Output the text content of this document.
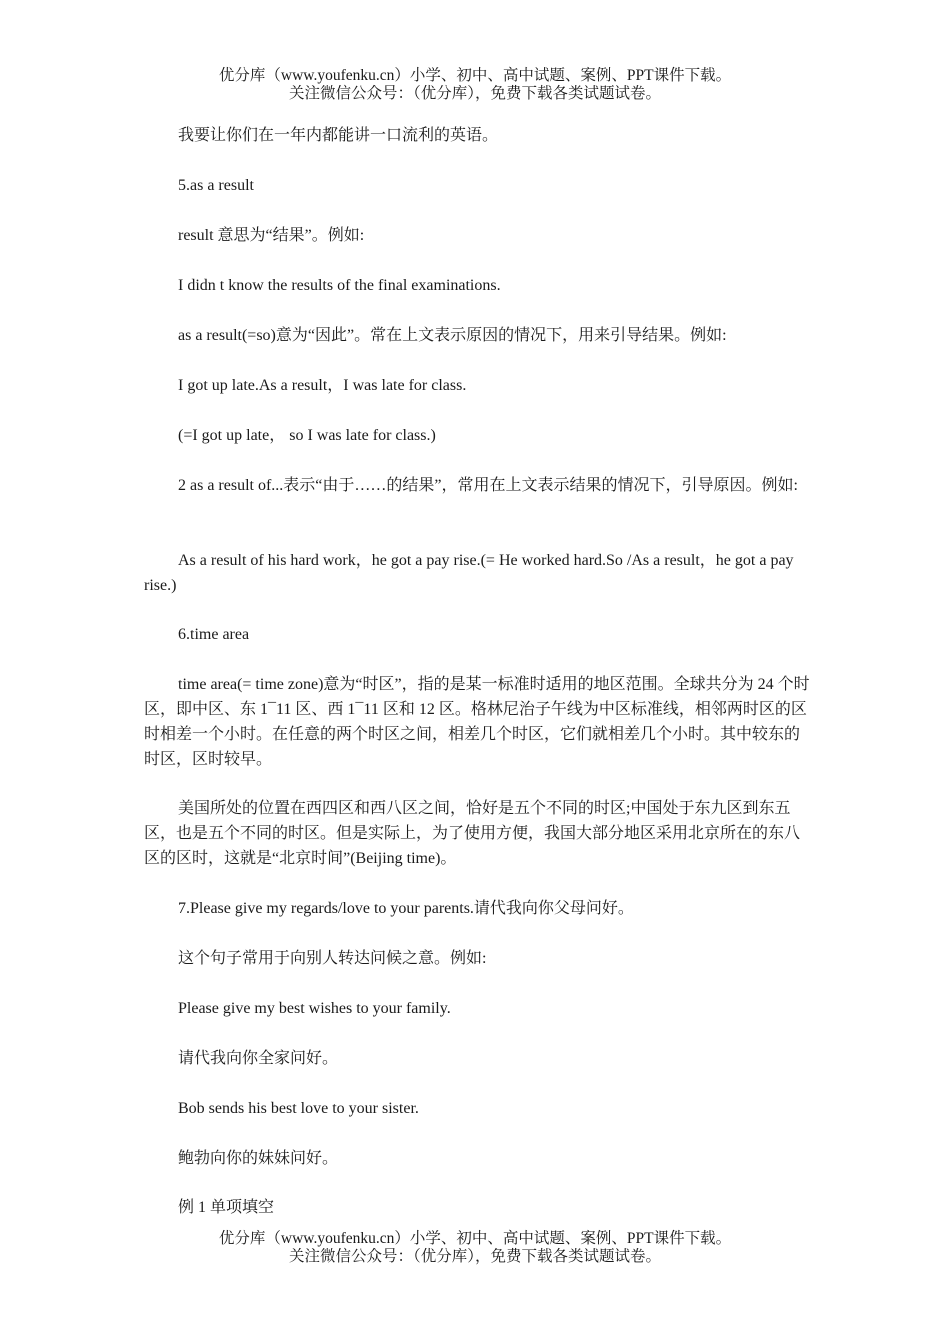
优分库（www.youfenku.cn）小学、初中、高中试题、案例、PPT课件下载。
关注微信公众号：（优分库），免费下载各类试题试卷。
我要让你们在一年内都能讲一口流利的英语。
5.as a result
result 意思为“结果”。例如:
I didn t know the results of the final examinations.
as a result(=so)意为“因此”。常在上文表示原因的情况下，用来引导结果。例如:
I got up late.As a result，I was late for class.
(=I got up late， so I was late for class.)
2 as a result of...表示“由于……的结果”，常用在上文表示结果的情况下，引导原因。例如:
As a result of his hard work，he got a pay rise.(= He worked hard.So /As a result，he got a pay rise.)
6.time area
time area(= time zone)意为“时区”，指的是某一标准时适用的地区范围。全球共分为 24 个时区，即中区、东 1¯11 区、西 1¯11 区和 12 区。格林尼治子午线为中区标准线，相邻两时区的区时相差一个小时。在任意的两个时区之间，相差几个时区，它们就相差几个小时。其中较东的时区，区时较早。
美国所处的位置在西四区和西八区之间，恰好是五个不同的时区;中国处于东九区到东五区，也是五个不同的时区。但是实际上，为了使用方便，我国大部分地区采用北京所在的东八区的区时，这就是“北京时间”(Beijing time)。
7.Please give my regards/love to your parents.请代我向你父母问好。
这个句子常用于向别人转达问候之意。例如:
Please give my best wishes to your family.
请代我向你全家问好。
Bob sends his best love to your sister.
鲍勃向你的妹妹问好。
例 1 单项填空
优分库（www.youfenku.cn）小学、初中、高中试题、案例、PPT课件下载。
关注微信公众号：（优分库），免费下载各类试题试卷。
